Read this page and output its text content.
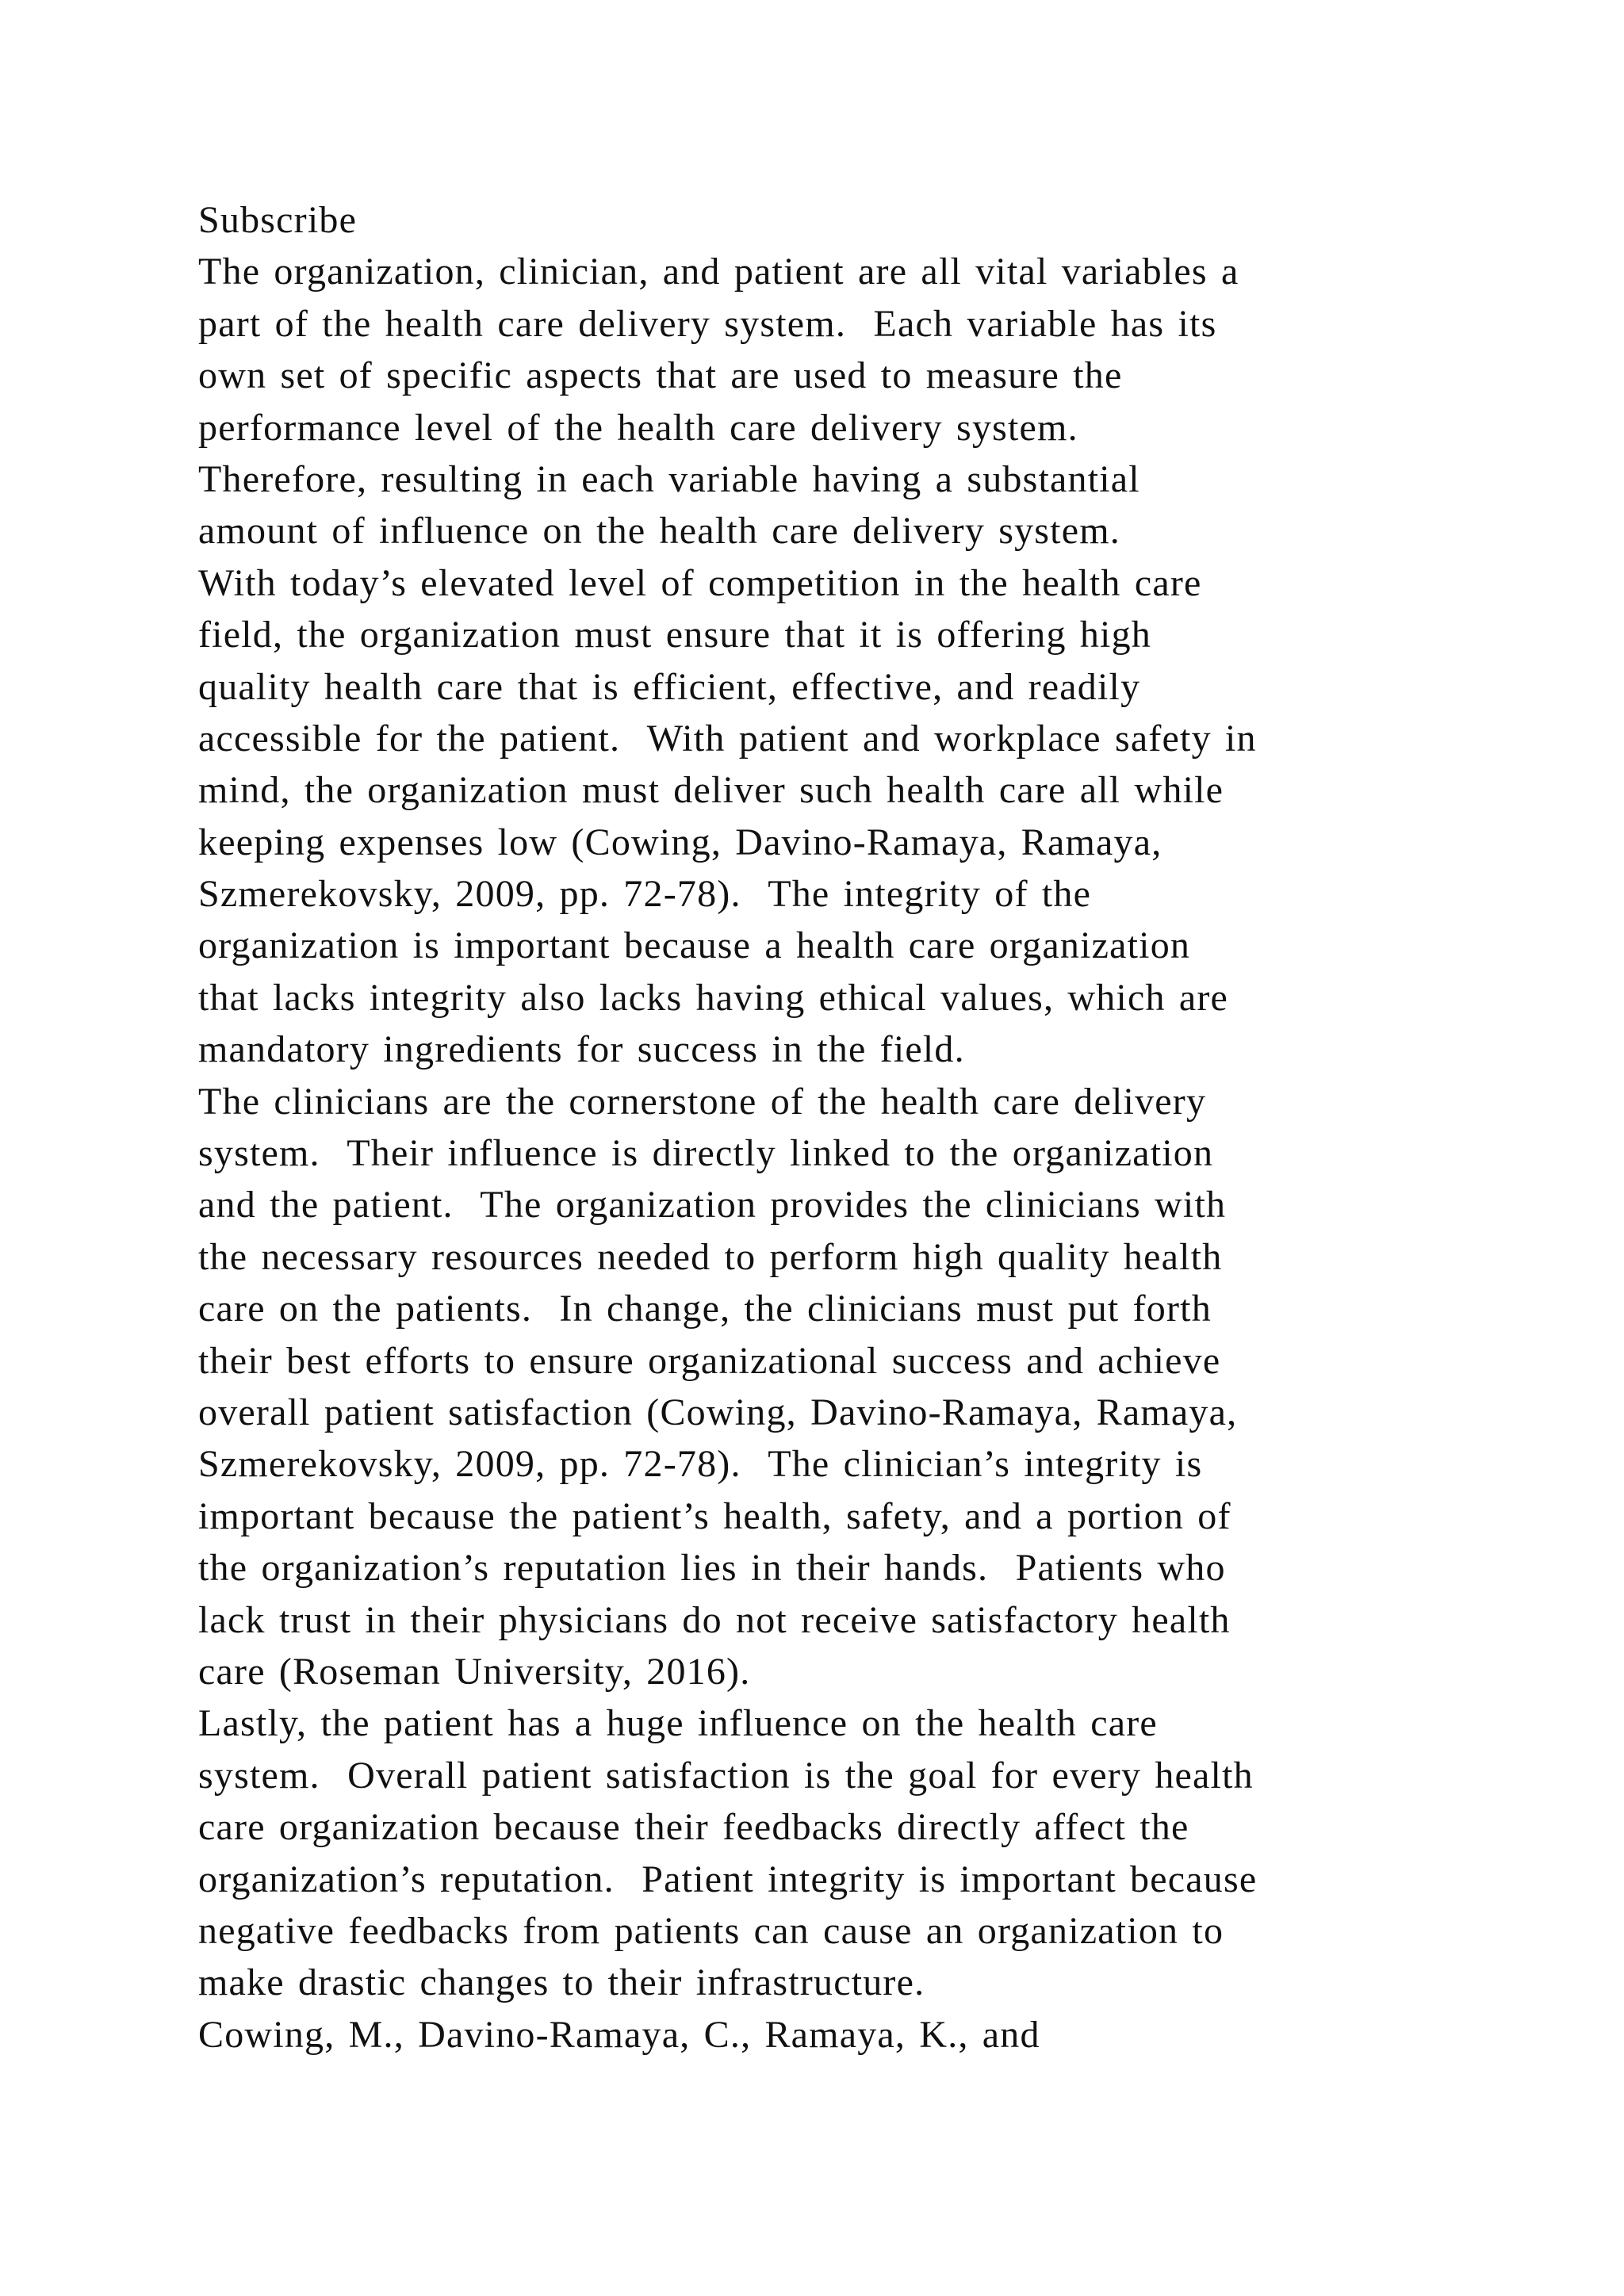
Subscribe
The organization, clinician, and patient are all vital variables a
part of the health care delivery system.  Each variable has its
own set of specific aspects that are used to measure the
performance level of the health care delivery system.
Therefore, resulting in each variable having a substantial
amount of influence on the health care delivery system.
With today’s elevated level of competition in the health care
field, the organization must ensure that it is offering high
quality health care that is efficient, effective, and readily
accessible for the patient.  With patient and workplace safety in
mind, the organization must deliver such health care all while
keeping expenses low (Cowing, Davino-Ramaya, Ramaya,
Szmerekovsky, 2009, pp. 72-78).  The integrity of the
organization is important because a health care organization
that lacks integrity also lacks having ethical values, which are
mandatory ingredients for success in the field.
The clinicians are the cornerstone of the health care delivery
system.  Their influence is directly linked to the organization
and the patient.  The organization provides the clinicians with
the necessary resources needed to perform high quality health
care on the patients.  In change, the clinicians must put forth
their best efforts to ensure organizational success and achieve
overall patient satisfaction (Cowing, Davino-Ramaya, Ramaya,
Szmerekovsky, 2009, pp. 72-78).  The clinician’s integrity is
important because the patient’s health, safety, and a portion of
the organization’s reputation lies in their hands.  Patients who
lack trust in their physicians do not receive satisfactory health
care (Roseman University, 2016).
Lastly, the patient has a huge influence on the health care
system.  Overall patient satisfaction is the goal for every health
care organization because their feedbacks directly affect the
organization’s reputation.  Patient integrity is important because
negative feedbacks from patients can cause an organization to
make drastic changes to their infrastructure.
Cowing, M., Davino-Ramaya, C., Ramaya, K., and
